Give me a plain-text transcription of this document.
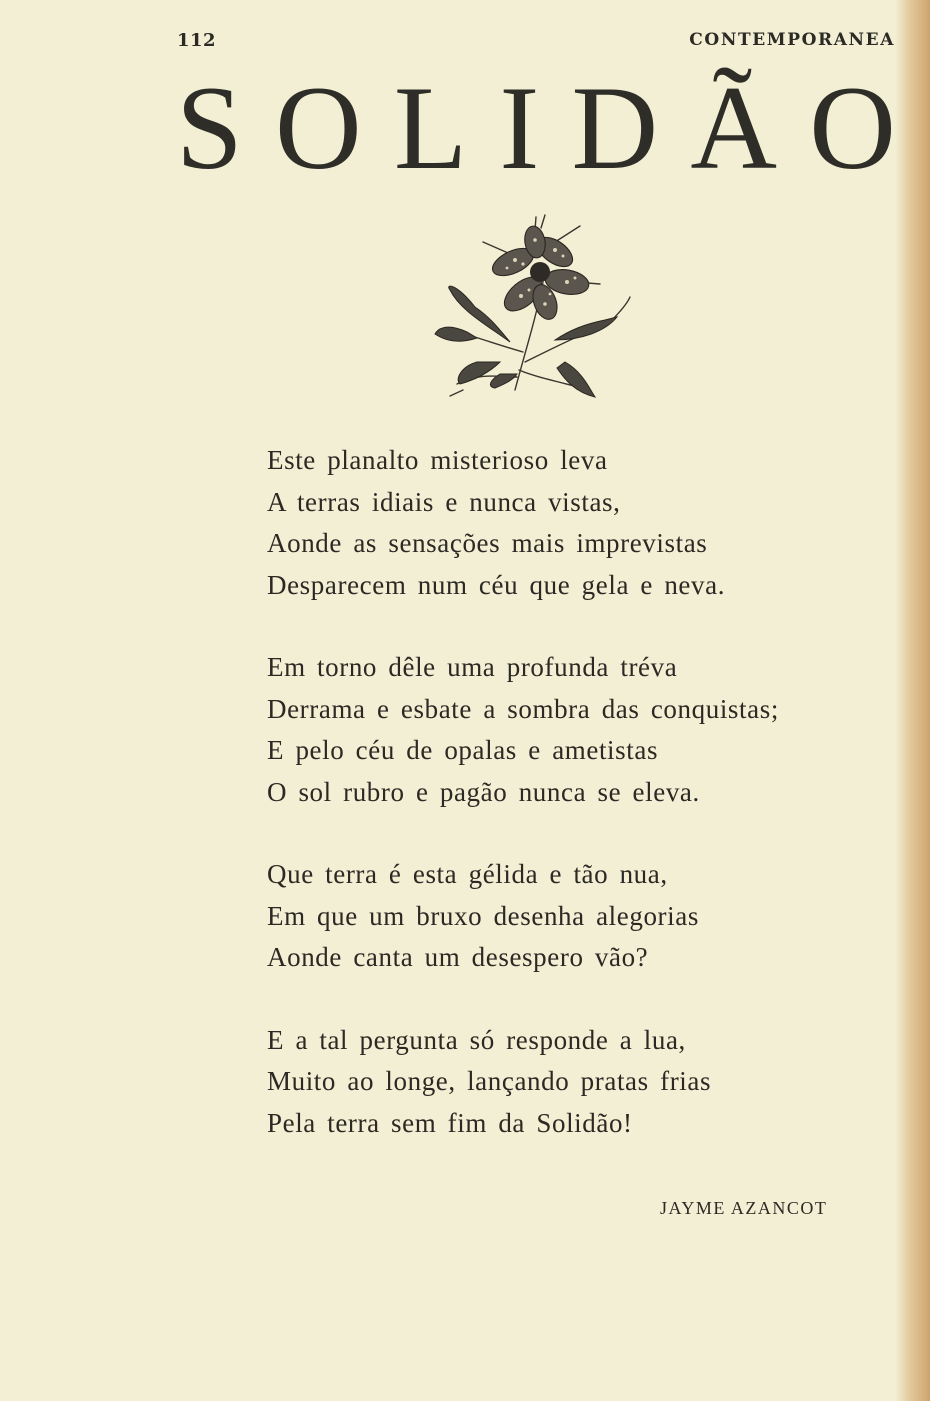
112	CONTEMPORANEA
S O L I D Ã O
Este planalto misterioso leva
A terras idiais e nunca vistas,
Aonde as sensações mais imprevistas
Desparecem num céu que gela e neva.
Em torno dêle uma profunda tréva
Derrama e esbate a sombra das conquistas;
E pelo céu de opalas e ametistas
O sol rubro e pagão nunca se eleva.
Que terra é esta gélida e tão nua,
Em que um bruxo desenha alegorias
Aonde canta um desespero vão?
E a tal pergunta só responde a lua,
Muito ao longe, lançando pratas frias
Pela terra sem fim da Solidão!
JAYME AZANCOT
